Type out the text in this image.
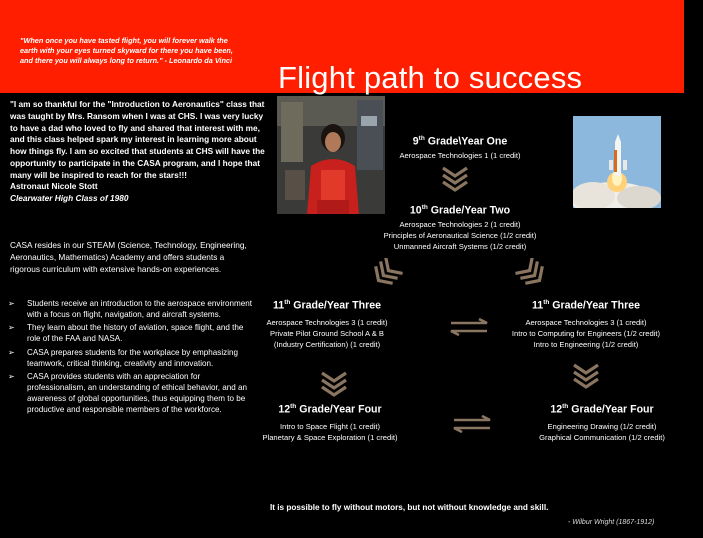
"When once you have tasted flight, you will forever walk the earth with your eyes turned skyward for there you have been, and there you will always long to return." - Leonardo da Vinci	Flight path to success
"I am so thankful for the "Introduction to Aeronautics" class that was taught by Mrs. Ransom when I was at CHS. I was very lucky to have a dad who loved to fly and shared that interest with me, and this class helped spark my interest in learning more about how things fly. I am so excited that students at CHS will have the opportunity to participate in the CASA program, and I hope that many will be inspired to reach for the stars!!!
Astronaut Nicole Stott
Clearwater High Class of 1980
CASA resides in our STEAM (Science, Technology, Engineering, Aeronautics, Mathematics) Academy and offers students a rigorous curriculum with extensive hands-on experiences.
➢ Students receive an introduction to the aerospace environment with a focus on flight, navigation, and aircraft systems.
➢ They learn about the history of aviation, space flight, and the role of the FAA and NASA.
➢ CASA prepares students for the workplace by emphasizing teamwork, critical thinking, creativity and innovation.
➢ CASA provides students with an appreciation for professionalism, an understanding of ethical behavior, and an awareness of global opportunities, thus equipping them to be productive and responsible members of the workforce.
9th Grade\Year One
Aerospace Technologies 1 (1 credit)
10th Grade/Year Two
Aerospace Technologies 2 (1 credit)
Principles of Aeronautical Science (1/2 credit)
Unmanned Aircraft Systems (1/2 credit)
11th Grade/Year Three
Aerospace Technologies 3 (1 credit)
Private Pilot Ground School A & B
(Industry Certification) (1 credit)
11th Grade/Year Three
Aerospace Technologies 3 (1 credit)
Intro to Computing for Engineers (1/2 credit)
Intro to Engineering (1/2 credit)
12th Grade/Year Four
Intro to Space Flight (1 credit)
Planetary & Space Exploration (1 credit)
12th Grade/Year Four
Engineering Drawing (1/2 credit)
Graphical Communication (1/2 credit)
It is possible to fly without motors, but not without knowledge and skill.
- Wilbur Wright (1867-1912)
